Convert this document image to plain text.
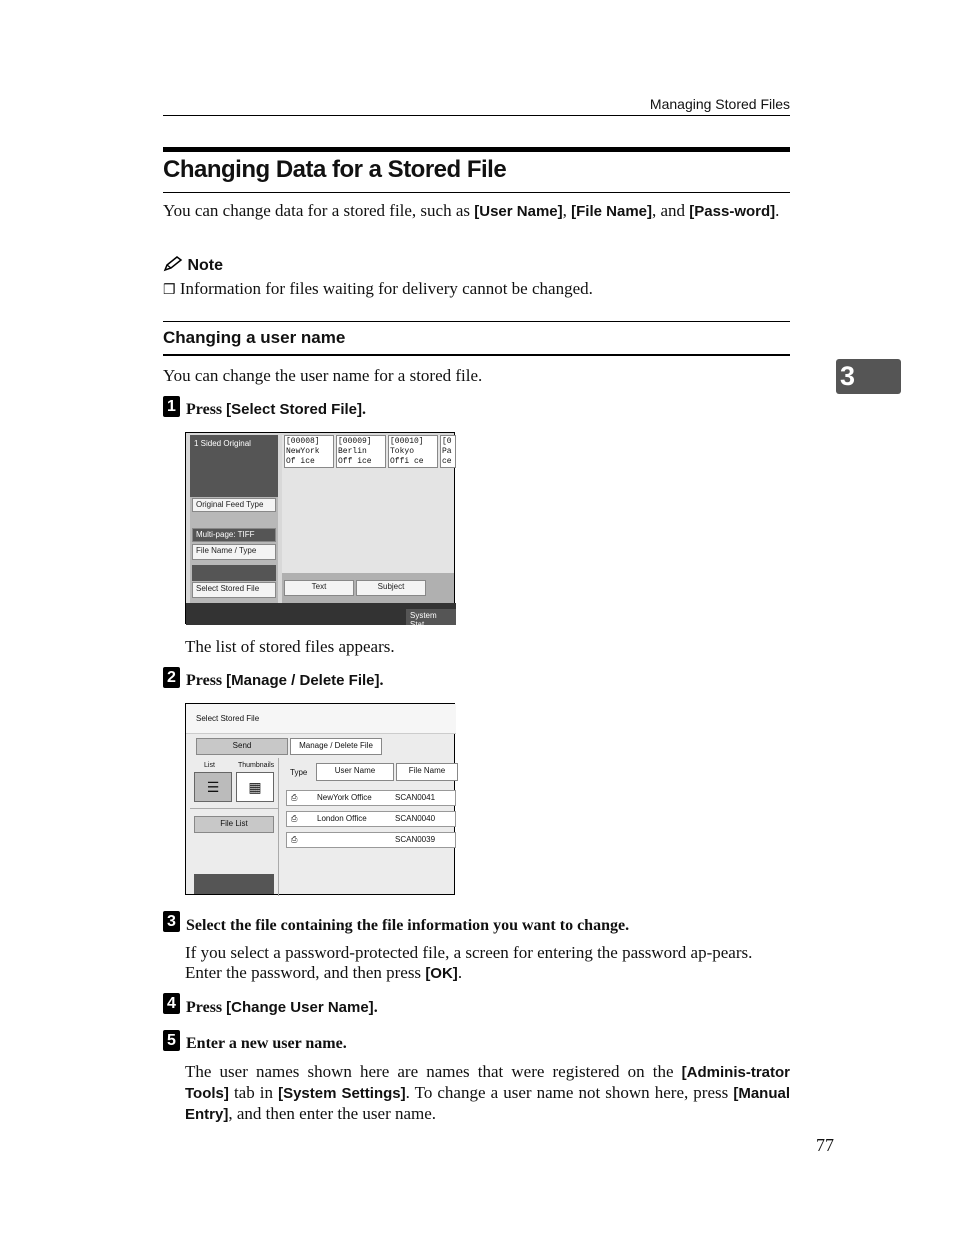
Managing Stored Files
Changing Data for a Stored File
You can change data for a stored file, such as [User Name], [File Name], and [Pass-word].
Note
❒ Information for files waiting for delivery cannot be changed.
Changing a user name
You can change the user name for a stored file.	3
1 Press [Select Stored File].
1 Sided Original
Original Feed Type
Multi-page: TIFF
File Name / Type
Select Stored File
[00008]
NewYork Of ice
[00009]
Berlin Off ice
[00010]
Tokyo Offi ce
[0
Pa ce
Text	Subject
System Stat
The list of stored files appears.
2 Press [Manage / Delete File].
Select Stored File
Send	Manage / Delete File
List	Thumbnails
☰	▦
File List
Type	User Name	File Name
⎙ NewYork Office	SCAN0041
⎙ London Office	SCAN0040
⎙	SCAN0039
3 Select the file containing the file information you want to change.
If you select a password-protected file, a screen for entering the password ap-pears. Enter the password, and then press [OK].
4 Press [Change User Name].
5 Enter a new user name.
The user names shown here are names that were registered on the [Adminis-trator Tools] tab in [System Settings]. To change a user name not shown here, press [Manual Entry], and then enter the user name.
77
